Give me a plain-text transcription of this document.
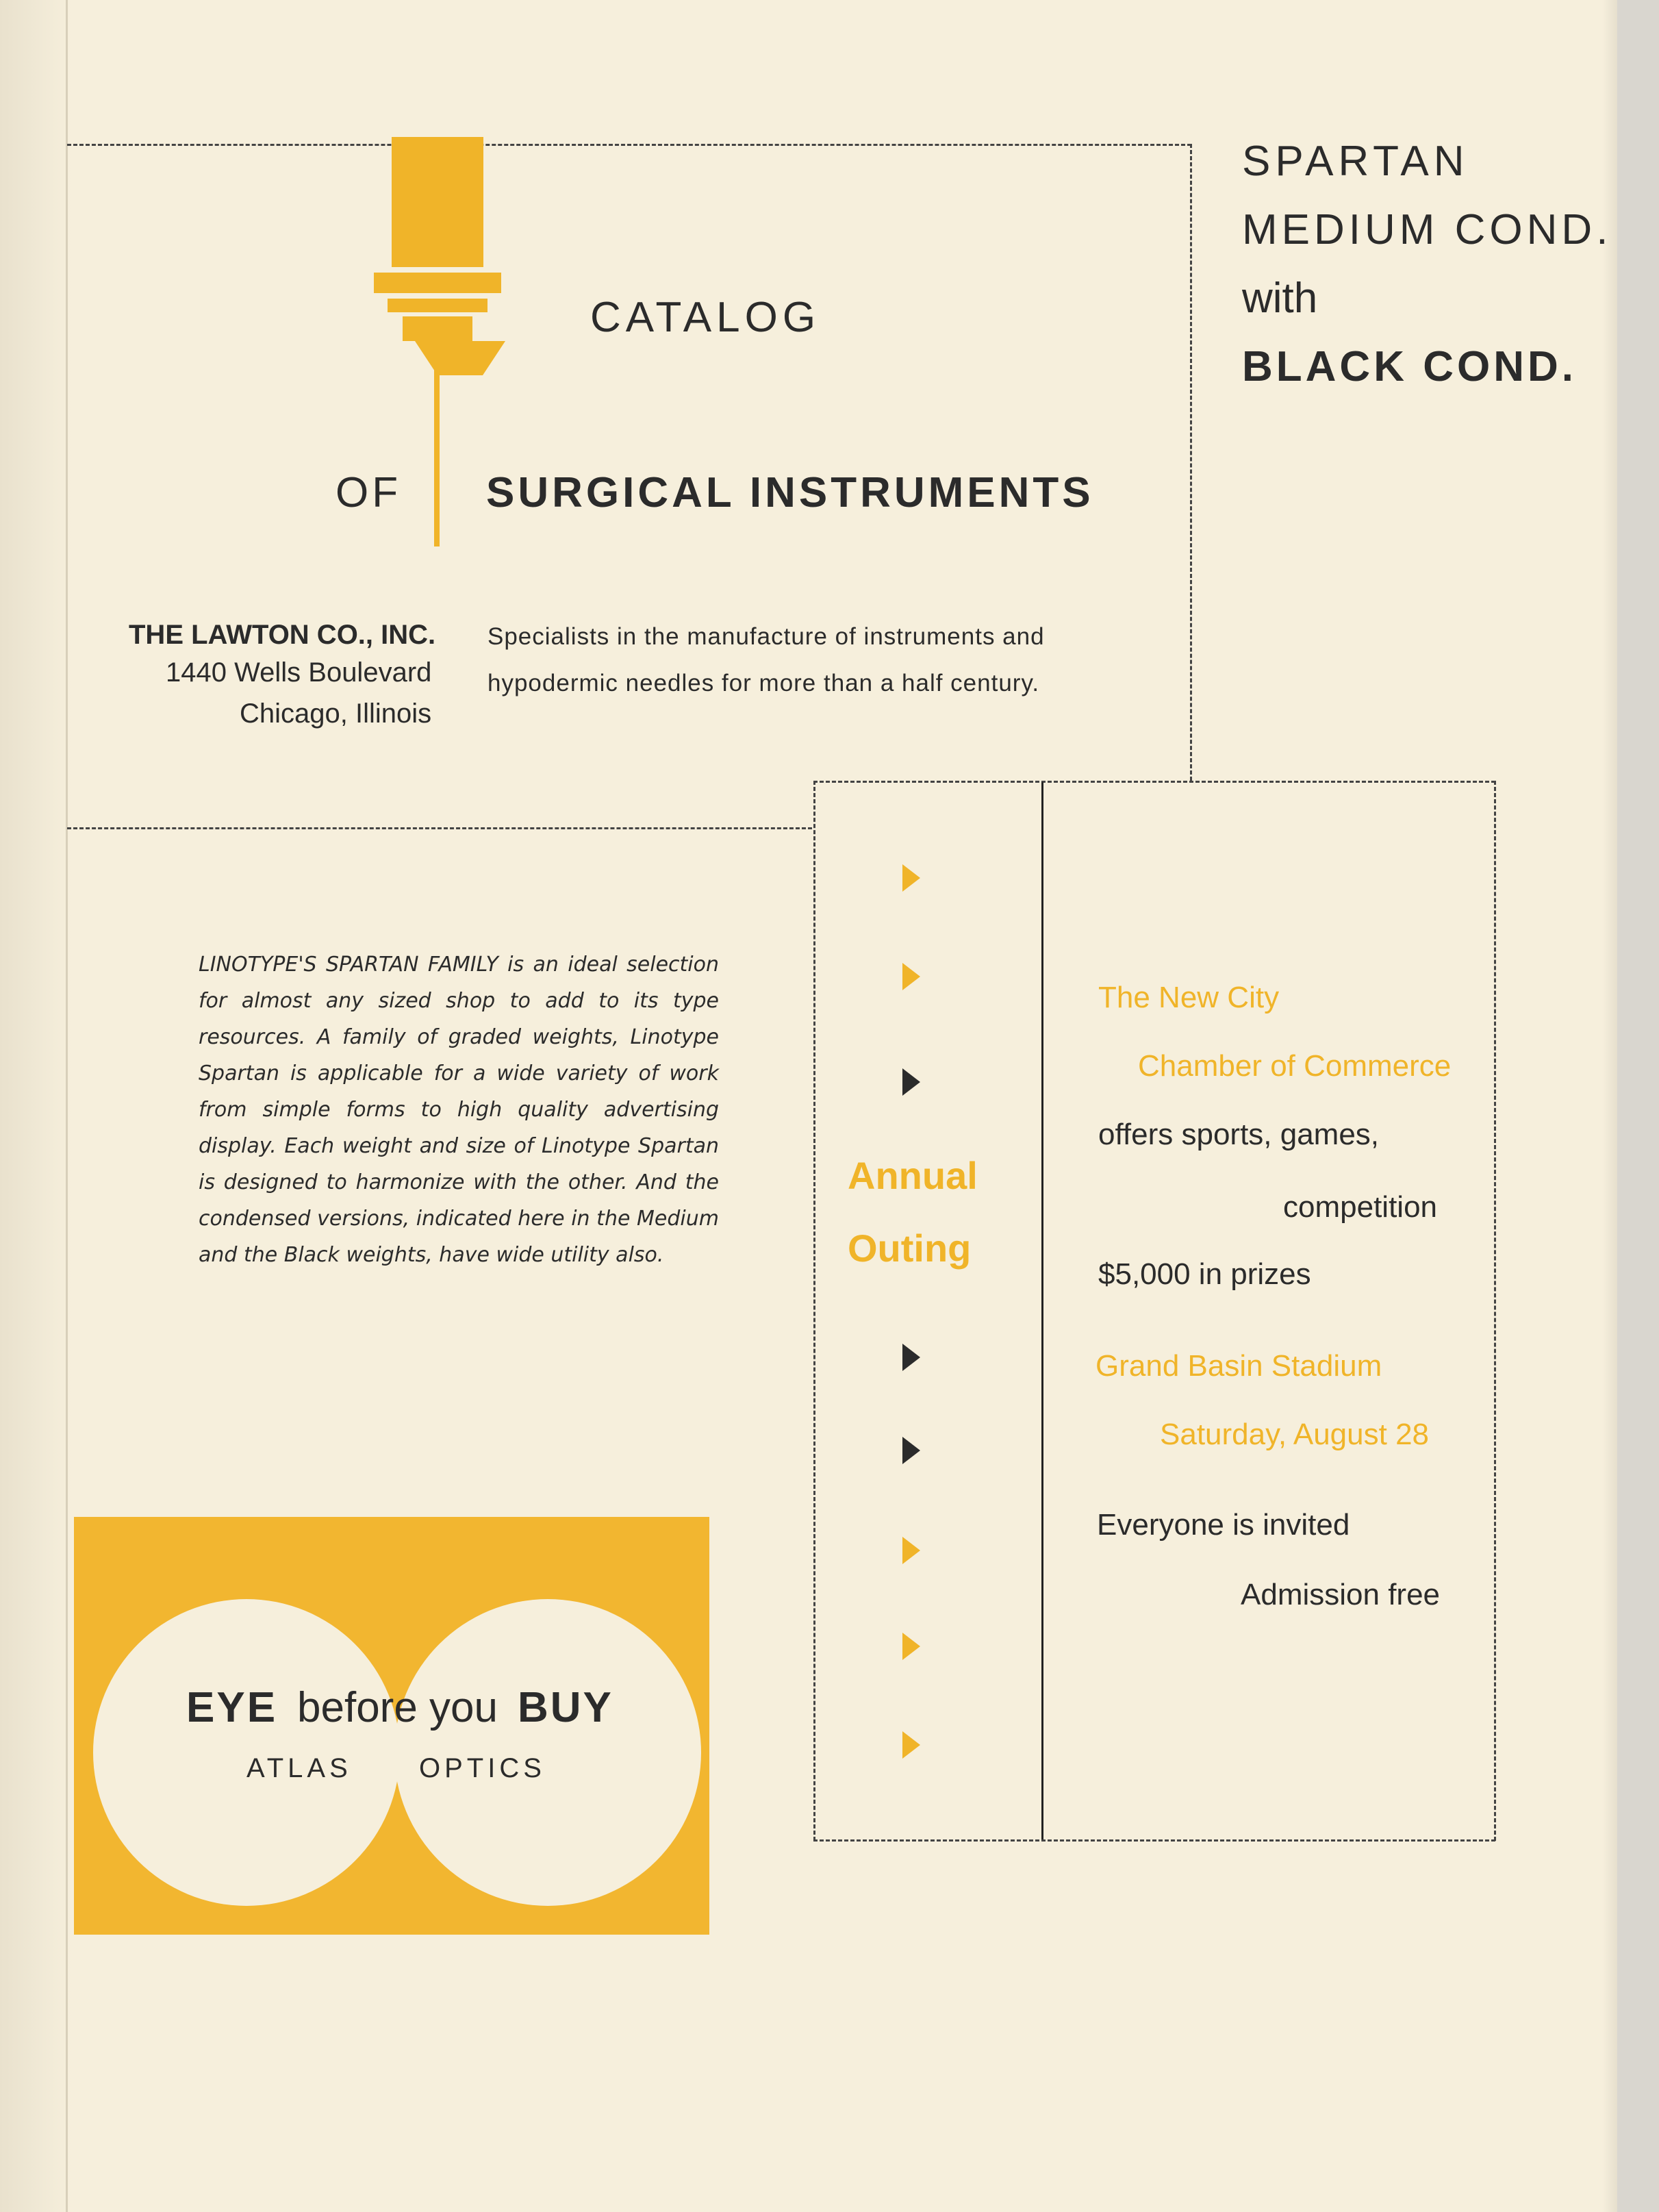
SPARTAN
MEDIUM COND.
with
BLACK COND.
CATALOG
OF SURGICAL INSTRUMENTS
THE LAWTON CO., INC.
1440 Wells Boulevard
Chicago, Illinois
Specialists in the manufacture of instruments and
hypodermic needles for more than a half century.
LINOTYPE'S SPARTAN FAMILY is an ideal selection for almost any sized shop to add to its type resources. A family of graded weights, Linotype Spartan is applicable for a wide variety of work from simple forms to high quality advertising display. Each weight and size of Linotype Spartan is designed to harmonize with the other. And the condensed versions, indicated here in the Medium and the Black weights, have wide utility also.
Annual
Outing
The New City
Chamber of Commerce
offers sports, games,
competition
$5,000 in prizes
Grand Basin Stadium
Saturday, August 28
Everyone is invited
Admission free
EYE before you BUY
ATLAS OPTICS
